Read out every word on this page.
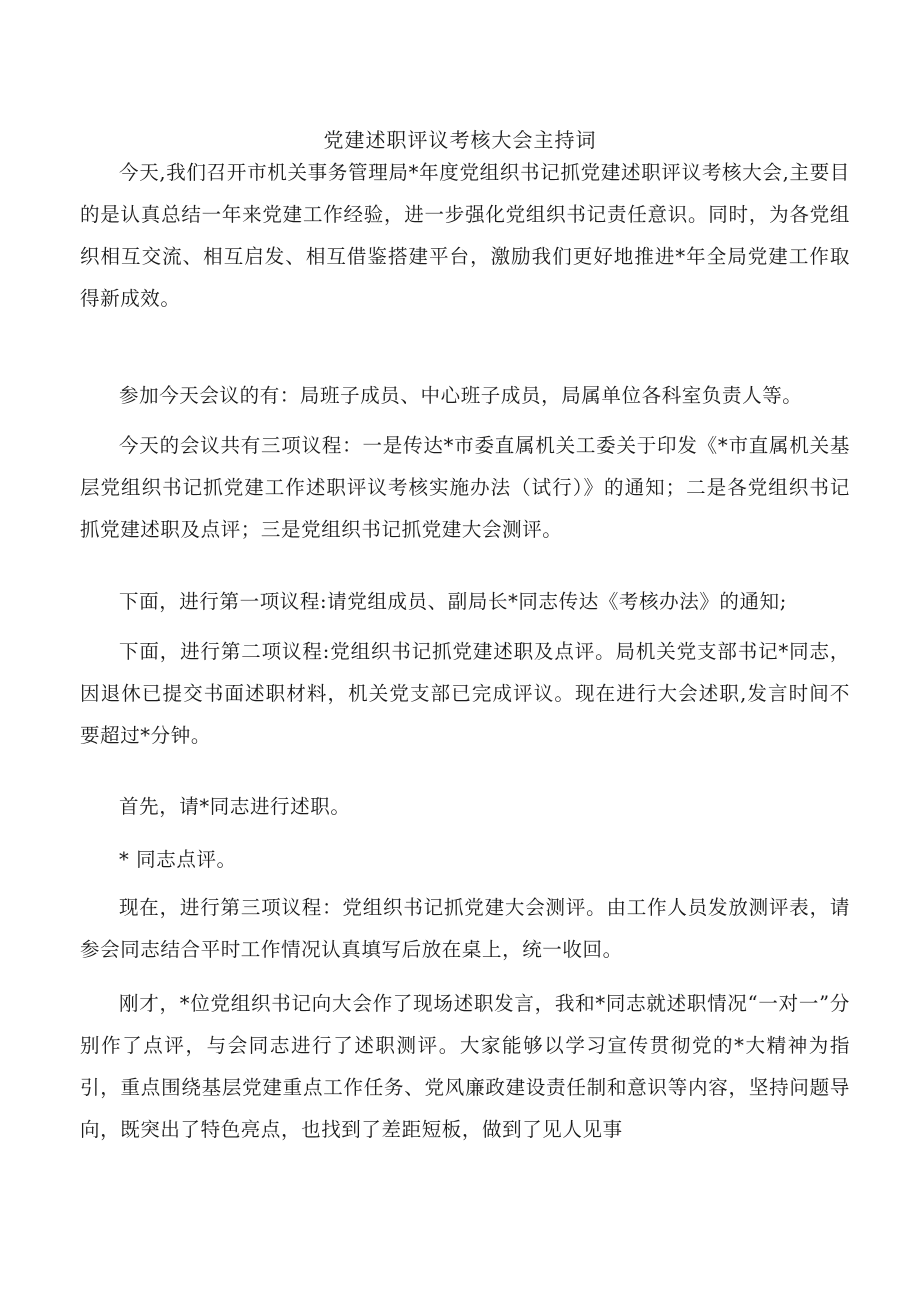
党建述职评议考核大会主持词

今天,我们召开市机关事务管理局*年度党组织书记抓党建述职评议考核大会,主要目的是认真总结一年来党建工作经验，进一步强化党组织书记责任意识。同时，为各党组织相互交流、相互启发、相互借鉴搭建平台，激励我们更好地推进*年全局党建工作取得新成效。

参加今天会议的有：局班子成员、中心班子成员，局属单位各科室负责人等。

今天的会议共有三项议程：一是传达*市委直属机关工委关于印发《*市直属机关基层党组织书记抓党建工作述职评议考核实施办法（试行）》的通知；二是各党组织书记抓党建述职及点评；三是党组织书记抓党建大会测评。

下面，进行第一项议程:请党组成员、副局长*同志传达《考核办法》的通知;

下面，进行第二项议程:党组织书记抓党建述职及点评。局机关党支部书记*同志，因退休已提交书面述职材料，机关党支部已完成评议。现在进行大会述职,发言时间不要超过*分钟。

首先，请*同志进行述职。

* 同志点评。

现在，进行第三项议程：党组织书记抓党建大会测评。由工作人员发放测评表，请参会同志结合平时工作情况认真填写后放在桌上，统一收回。

刚才，*位党组织书记向大会作了现场述职发言，我和*同志就述职情况“一对一”分别作了点评，与会同志进行了述职测评。大家能够以学习宣传贯彻党的*大精神为指引，重点围绕基层党建重点工作任务、党风廉政建设责任制和意识等内容，坚持问题导向，既突出了特色亮点，也找到了差距短板，做到了见人见事
